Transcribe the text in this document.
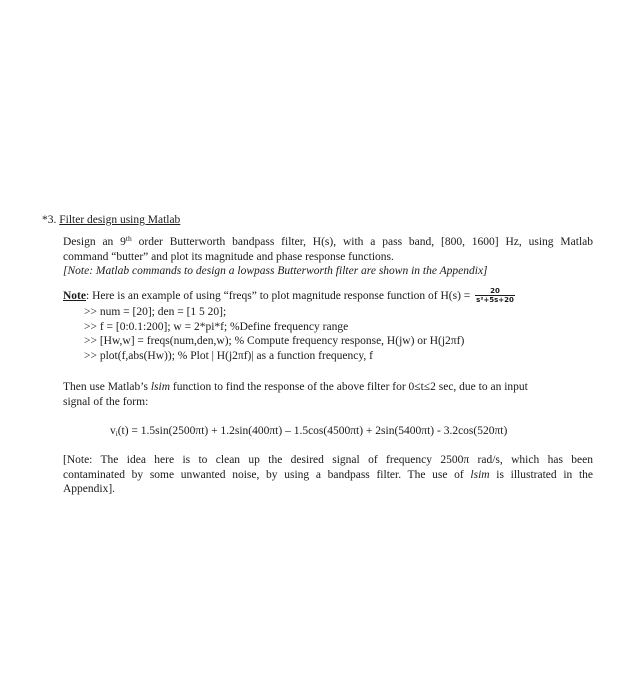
*3. Filter design using Matlab
Design an 9th order Butterworth bandpass filter, H(s), with a pass band, [800, 1600] Hz, using Matlab
command “butter” and plot its magnitude and phase response functions.
[Note: Matlab commands to design a lowpass Butterworth filter are shown in the Appendix]
Note: Here is an example of using “freqs” to plot magnitude response function of $H(s) = \frac{20}{\text{s²+5s+20}}$
>> num = [20]; den = [1 5 20];
>> f = [0:0.1:200]; w = 2*pi*f; %Define frequency range
>> [Hw,w] = freqs(num,den,w); % Compute frequency response, H(jw) or H(j2πf)
>> plot(f,abs(Hw)); % Plot | H(j2πf)| as a function frequency, f
Then use Matlab’s lsim function to find the response of the above filter for 0≤t≤2 sec, due to an input
signal of the form:
$v_i(t) = 1.5\sin(2500\pi t) + 1.2\sin(400\pi t) - 1.5\cos(4500\pi t) + 2\sin(5400\pi t) - 3.2\cos(520\pi t)$
[Note: The idea here is to clean up the desired signal of frequency 2500π rad/s, which has been
contaminated by some unwanted noise, by using a bandpass filter. The use of lsim is illustrated in the
Appendix].
